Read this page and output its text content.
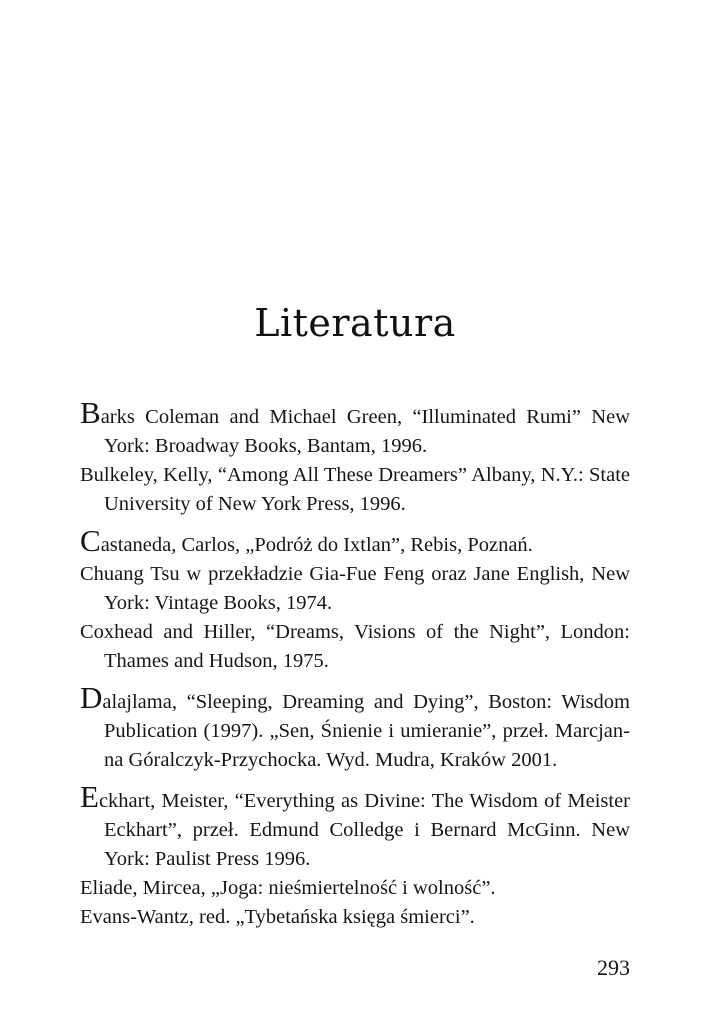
Literatura

Barks Coleman and Michael Green, “Illuminated Rumi” New York: Broadway Books, Bantam, 1996.

Bulkeley, Kelly, “Among All These Dreamers” Albany, N.Y.: State University of New York Press, 1996.

Castaneda, Carlos, „Podróż do Ixtlan”, Rebis, Poznań.

Chuang Tsu w przekładzie Gia-Fue Feng oraz Jane English, New York: Vintage Books, 1974.

Coxhead and Hiller, “Dreams, Visions of the Night”, London: Thames and Hudson, 1975.

Dalajlama, “Sleeping, Dreaming and Dying”, Boston: Wisdom Publication (1997). „Sen, Śnienie i umieranie”, przeł. Marcjanna Góralczyk-Przychocka. Wyd. Mudra, Kraków 2001.

Eckhart, Meister, “Everything as Divine: The Wisdom of Meister Eckhart”, przeł. Edmund Colledge i Bernard McGinn. New York: Paulist Press 1996.

Eliade, Mircea, „Joga: nieśmiertelność i wolność”.

Evans-Wantz, red. „Tybetańska księga śmierci”.

293
